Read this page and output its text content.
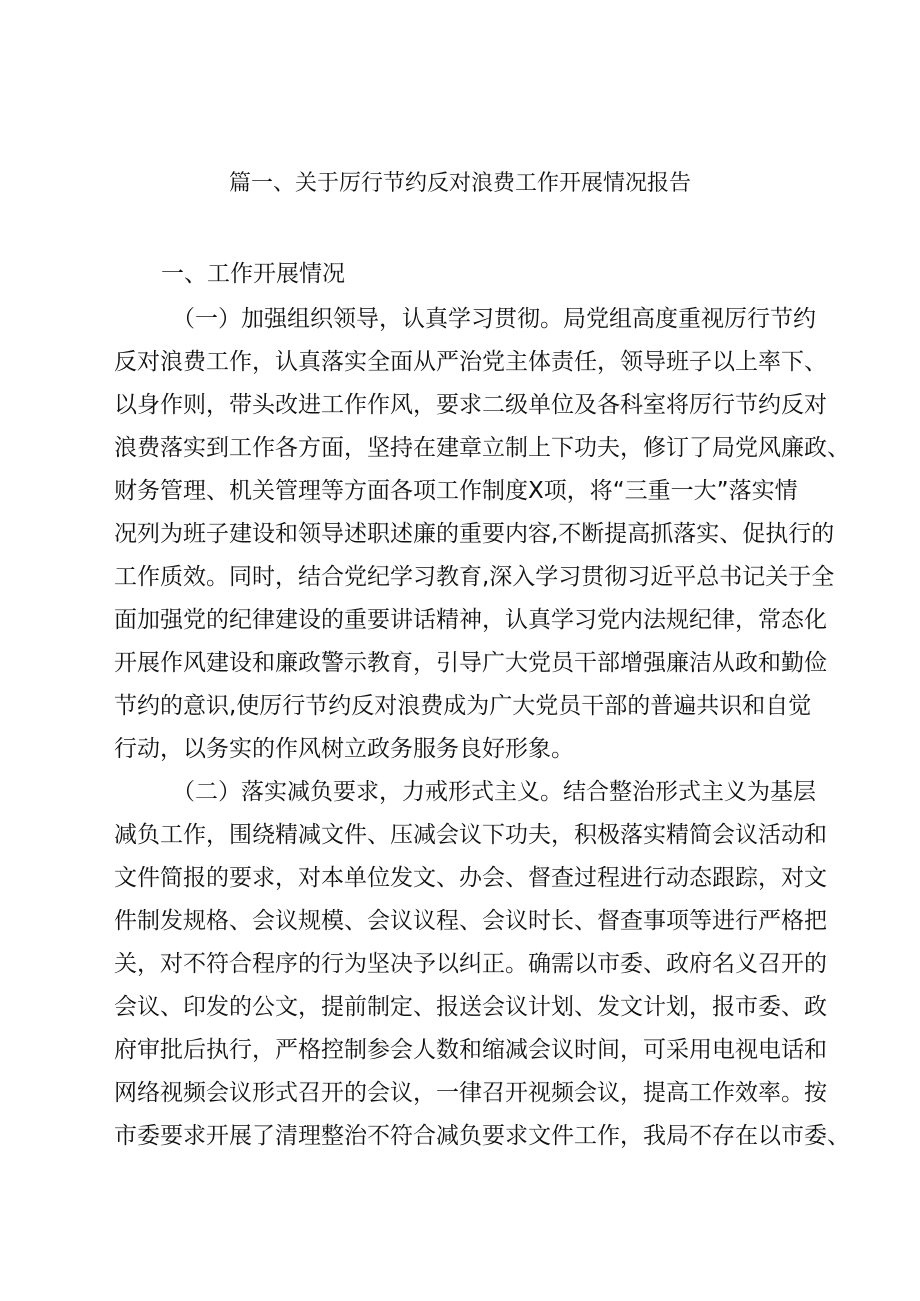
篇一、关于厉行节约反对浪费工作开展情况报告
一、工作开展情况
（一）加强组织领导，认真学习贯彻。局党组高度重视厉行节约
反对浪费工作，认真落实全面从严治党主体责任，领导班子以上率下、
以身作则，带头改进工作作风，要求二级单位及各科室将厉行节约反对
浪费落实到工作各方面，坚持在建章立制上下功夫，修订了局党风廉政、
财务管理、机关管理等方面各项工作制度X项，将“三重一大”落实情
况列为班子建设和领导述职述廉的重要内容,不断提高抓落实、促执行的
工作质效。同时，结合党纪学习教育,深入学习贯彻习近平总书记关于全
面加强党的纪律建设的重要讲话精神，认真学习党内法规纪律，常态化
开展作风建设和廉政警示教育，引导广大党员干部增强廉洁从政和勤俭
节约的意识,使厉行节约反对浪费成为广大党员干部的普遍共识和自觉
行动，以务实的作风树立政务服务良好形象。
（二）落实减负要求，力戒形式主义。结合整治形式主义为基层
减负工作，围绕精减文件、压减会议下功夫，积极落实精简会议活动和
文件简报的要求，对本单位发文、办会、督查过程进行动态跟踪，对文
件制发规格、会议规模、会议议程、会议时长、督查事项等进行严格把
关，对不符合程序的行为坚决予以纠正。确需以市委、政府名义召开的
会议、印发的公文，提前制定、报送会议计划、发文计划，报市委、政
府审批后执行，严格控制参会人数和缩减会议时间，可采用电视电话和
网络视频会议形式召开的会议，一律召开视频会议，提高工作效率。按
市委要求开展了清理整治不符合减负要求文件工作，我局不存在以市委、
